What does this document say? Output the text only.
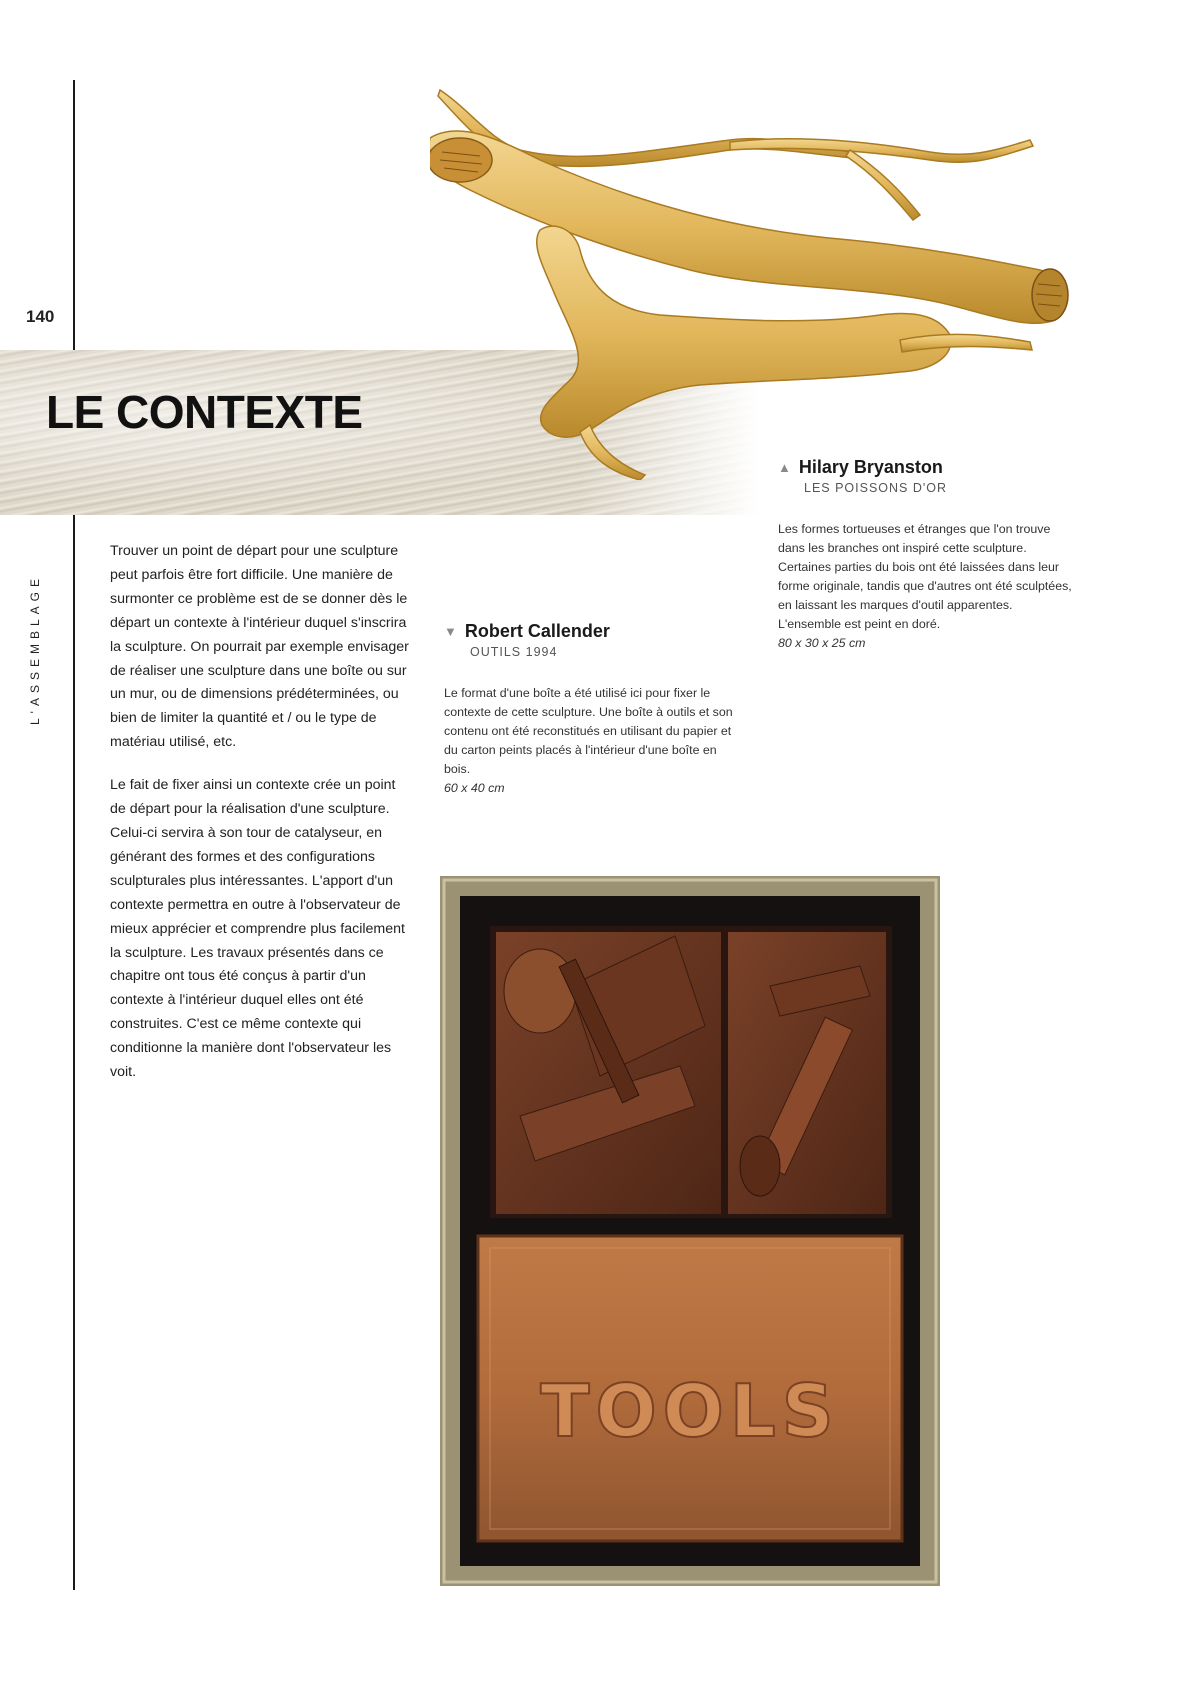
140
LE CONTEXTE
L'ASSEMBLAGE

Trouver un point de départ pour une sculpture peut parfois être fort difficile. Une manière de surmonter ce problème est de se donner dès le départ un contexte à l'intérieur duquel s'inscrira la sculpture. On pourrait par exemple envisager de réaliser une sculpture dans une boîte ou sur un mur, ou de dimensions prédéterminées, ou bien de limiter la quantité et / ou le type de matériau utilisé, etc.

Le fait de fixer ainsi un contexte crée un point de départ pour la réalisation d'une sculpture. Celui-ci servira à son tour de catalyseur, en générant des formes et des configurations sculpturales plus intéressantes. L'apport d'un contexte permettra en outre à l'observateur de mieux apprécier et comprendre plus facilement la sculpture. Les travaux présentés dans ce chapitre ont tous été conçus à partir d'un contexte à l'intérieur duquel elles ont été construites. C'est ce même contexte qui conditionne la manière dont l'observateur les voit.

▲ Hilary Bryanston
LES POISSONS D'OR
Les formes tortueuses et étranges que l'on trouve dans les branches ont inspiré cette sculpture. Certaines parties du bois ont été laissées dans leur forme originale, tandis que d'autres ont été sculptées, en laissant les marques d'outil apparentes. L'ensemble est peint en doré.
80 x 30 x 25 cm
▼ Robert Callender
OUTILS 1994
Le format d'une boîte a été utilisé ici pour fixer le contexte de cette sculpture. Une boîte à outils et son contenu ont été reconstitués en utilisant du papier et du carton peints placés à l'intérieur d'une boîte en bois.
60 x 40 cm
TOOLS
